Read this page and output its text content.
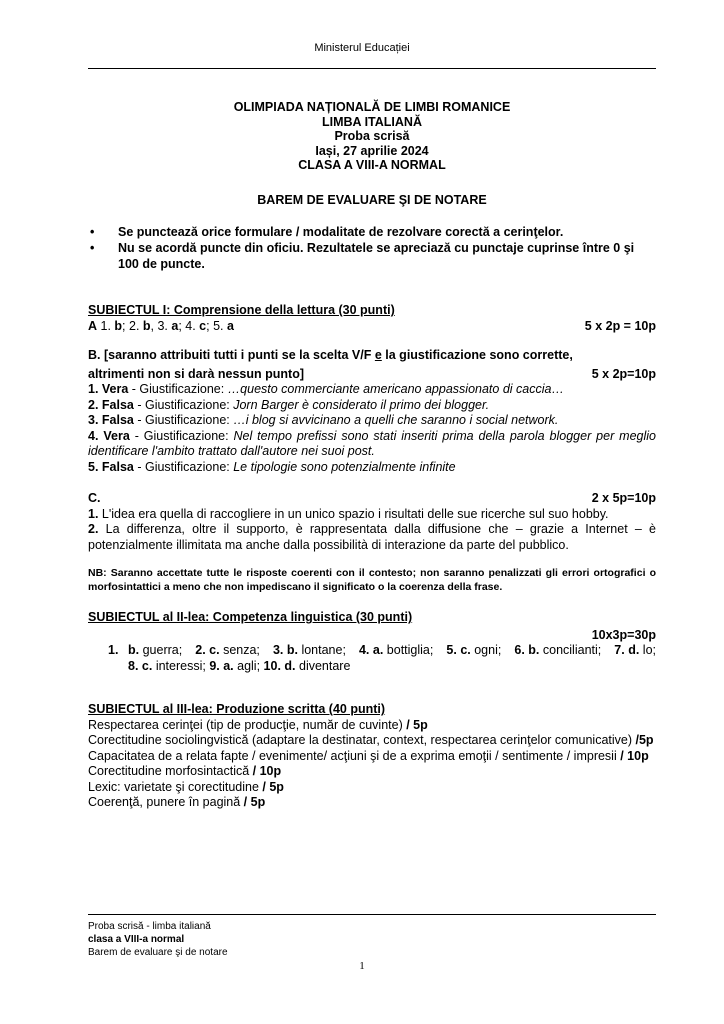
Ministerul Educației
OLIMPIADA NAȚIONALĂ DE LIMBI ROMANICE
LIMBA ITALIANĂ
Proba scrisă
Iași, 27 aprilie 2024
CLASA A VIII-A NORMAL
BAREM DE EVALUARE ŞI DE NOTARE
• Se punctează orice formulare / modalitate de rezolvare corectă a cerinţelor.
• Nu se acordă puncte din oficiu. Rezultatele se apreciază cu punctaje cuprinse între 0 şi 100 de puncte.
SUBIECTUL I: Comprensione della lettura (30 punti)
A 1. b; 2. b, 3. a; 4. c; 5. a	5 x 2p = 10p
B. [saranno attribuiti tutti i punti se la scelta V/F e la giustificazione sono corrette,
altrimenti non si darà nessun punto]	5 x 2p=10p
1. Vera - Giustificazione: …questo commerciante americano appassionato di caccia…
2. Falsa - Giustificazione: Jorn Barger è considerato il primo dei blogger.
3. Falsa - Giustificazione: …i blog si avvicinano a quelli che saranno i social network.
4. Vera - Giustificazione: Nel tempo prefissi sono stati inseriti prima della parola blogger per meglio identificare l'ambito trattato dall'autore nei suoi post.
5. Falsa - Giustificazione: Le tipologie sono potenzialmente infinite
C.	2 x 5p=10p
1. L'idea era quella di raccogliere in un unico spazio i risultati delle sue ricerche sul suo hobby.
2. La differenza, oltre il supporto, è rappresentata dalla diffusione che – grazie a Internet – è potenzialmente illimitata ma anche dalla possibilità di interazione da parte del pubblico.
NB: Saranno accettate tutte le risposte coerenti con il contesto; non saranno penalizzati gli errori ortografici o morfosintattici a meno che non impediscano il significato o la coerenza della frase.
SUBIECTUL al II-lea: Competenza linguistica (30 punti)
10x3p=30p
1. b. guerra; 2. c. senza; 3. b. lontane; 4. a. bottiglia; 5. c. ogni; 6. b. concilianti; 7. d. lo;
8. c. interessi; 9. a. agli; 10. d. diventare
SUBIECTUL al III-lea: Produzione scritta (40 punti)
Respectarea cerinţei (tip de producţie, număr de cuvinte) / 5p
Corectitudine sociolingvistică (adaptare la destinatar, context, respectarea cerinţelor comunicative) /5p
Capacitatea de a relata fapte / evenimente/ acţiuni şi de a exprima emoţii / sentimente / impresii / 10p
Corectitudine morfosintactică / 10p
Lexic: varietate şi corectitudine / 5p
Coerenţă, punere în pagină / 5p
Proba scrisă - limba italiană
clasa a VIII-a normal
Barem de evaluare şi de notare
1
